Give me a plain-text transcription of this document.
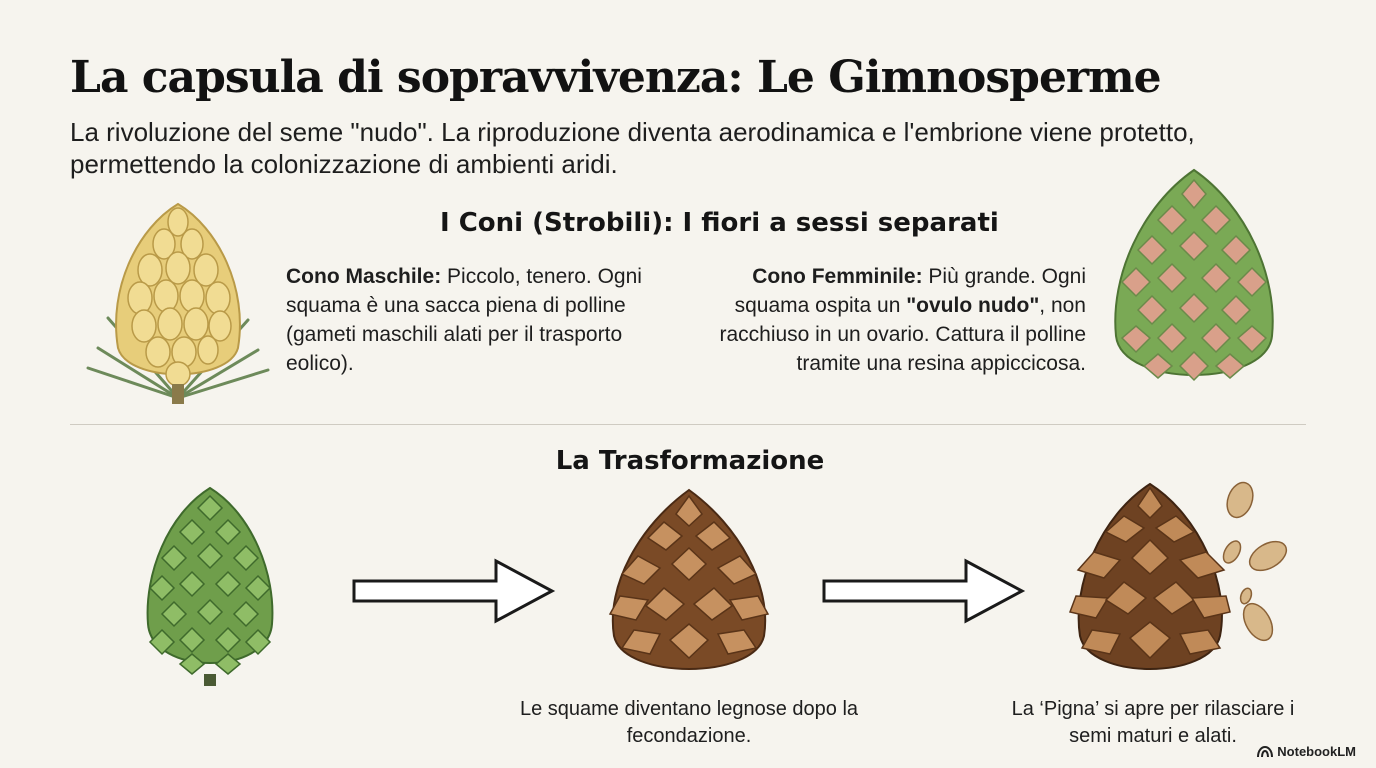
La capsula di sopravvivenza: Le Gimnosperme
La rivoluzione del seme "nudo". La riproduzione diventa aerodinamica e l'embrione viene protetto, permettendo la colonizzazione di ambienti aridi.
I Coni (Strobili): I fiori a sessi separati
Cono Maschile: Piccolo, tenero. Ogni squama è una sacca piena di polline (gameti maschili alati per il trasporto eolico).
Cono Femminile: Più grande. Ogni squama ospita un "ovulo nudo", non racchiuso in un ovario. Cattura il polline tramite una resina appiccicosa.
La Trasformazione
Le squame diventano legnose dopo la fecondazione.
La ‘Pigna’ si apre per rilasciare i semi maturi e alati.
NotebookLM
